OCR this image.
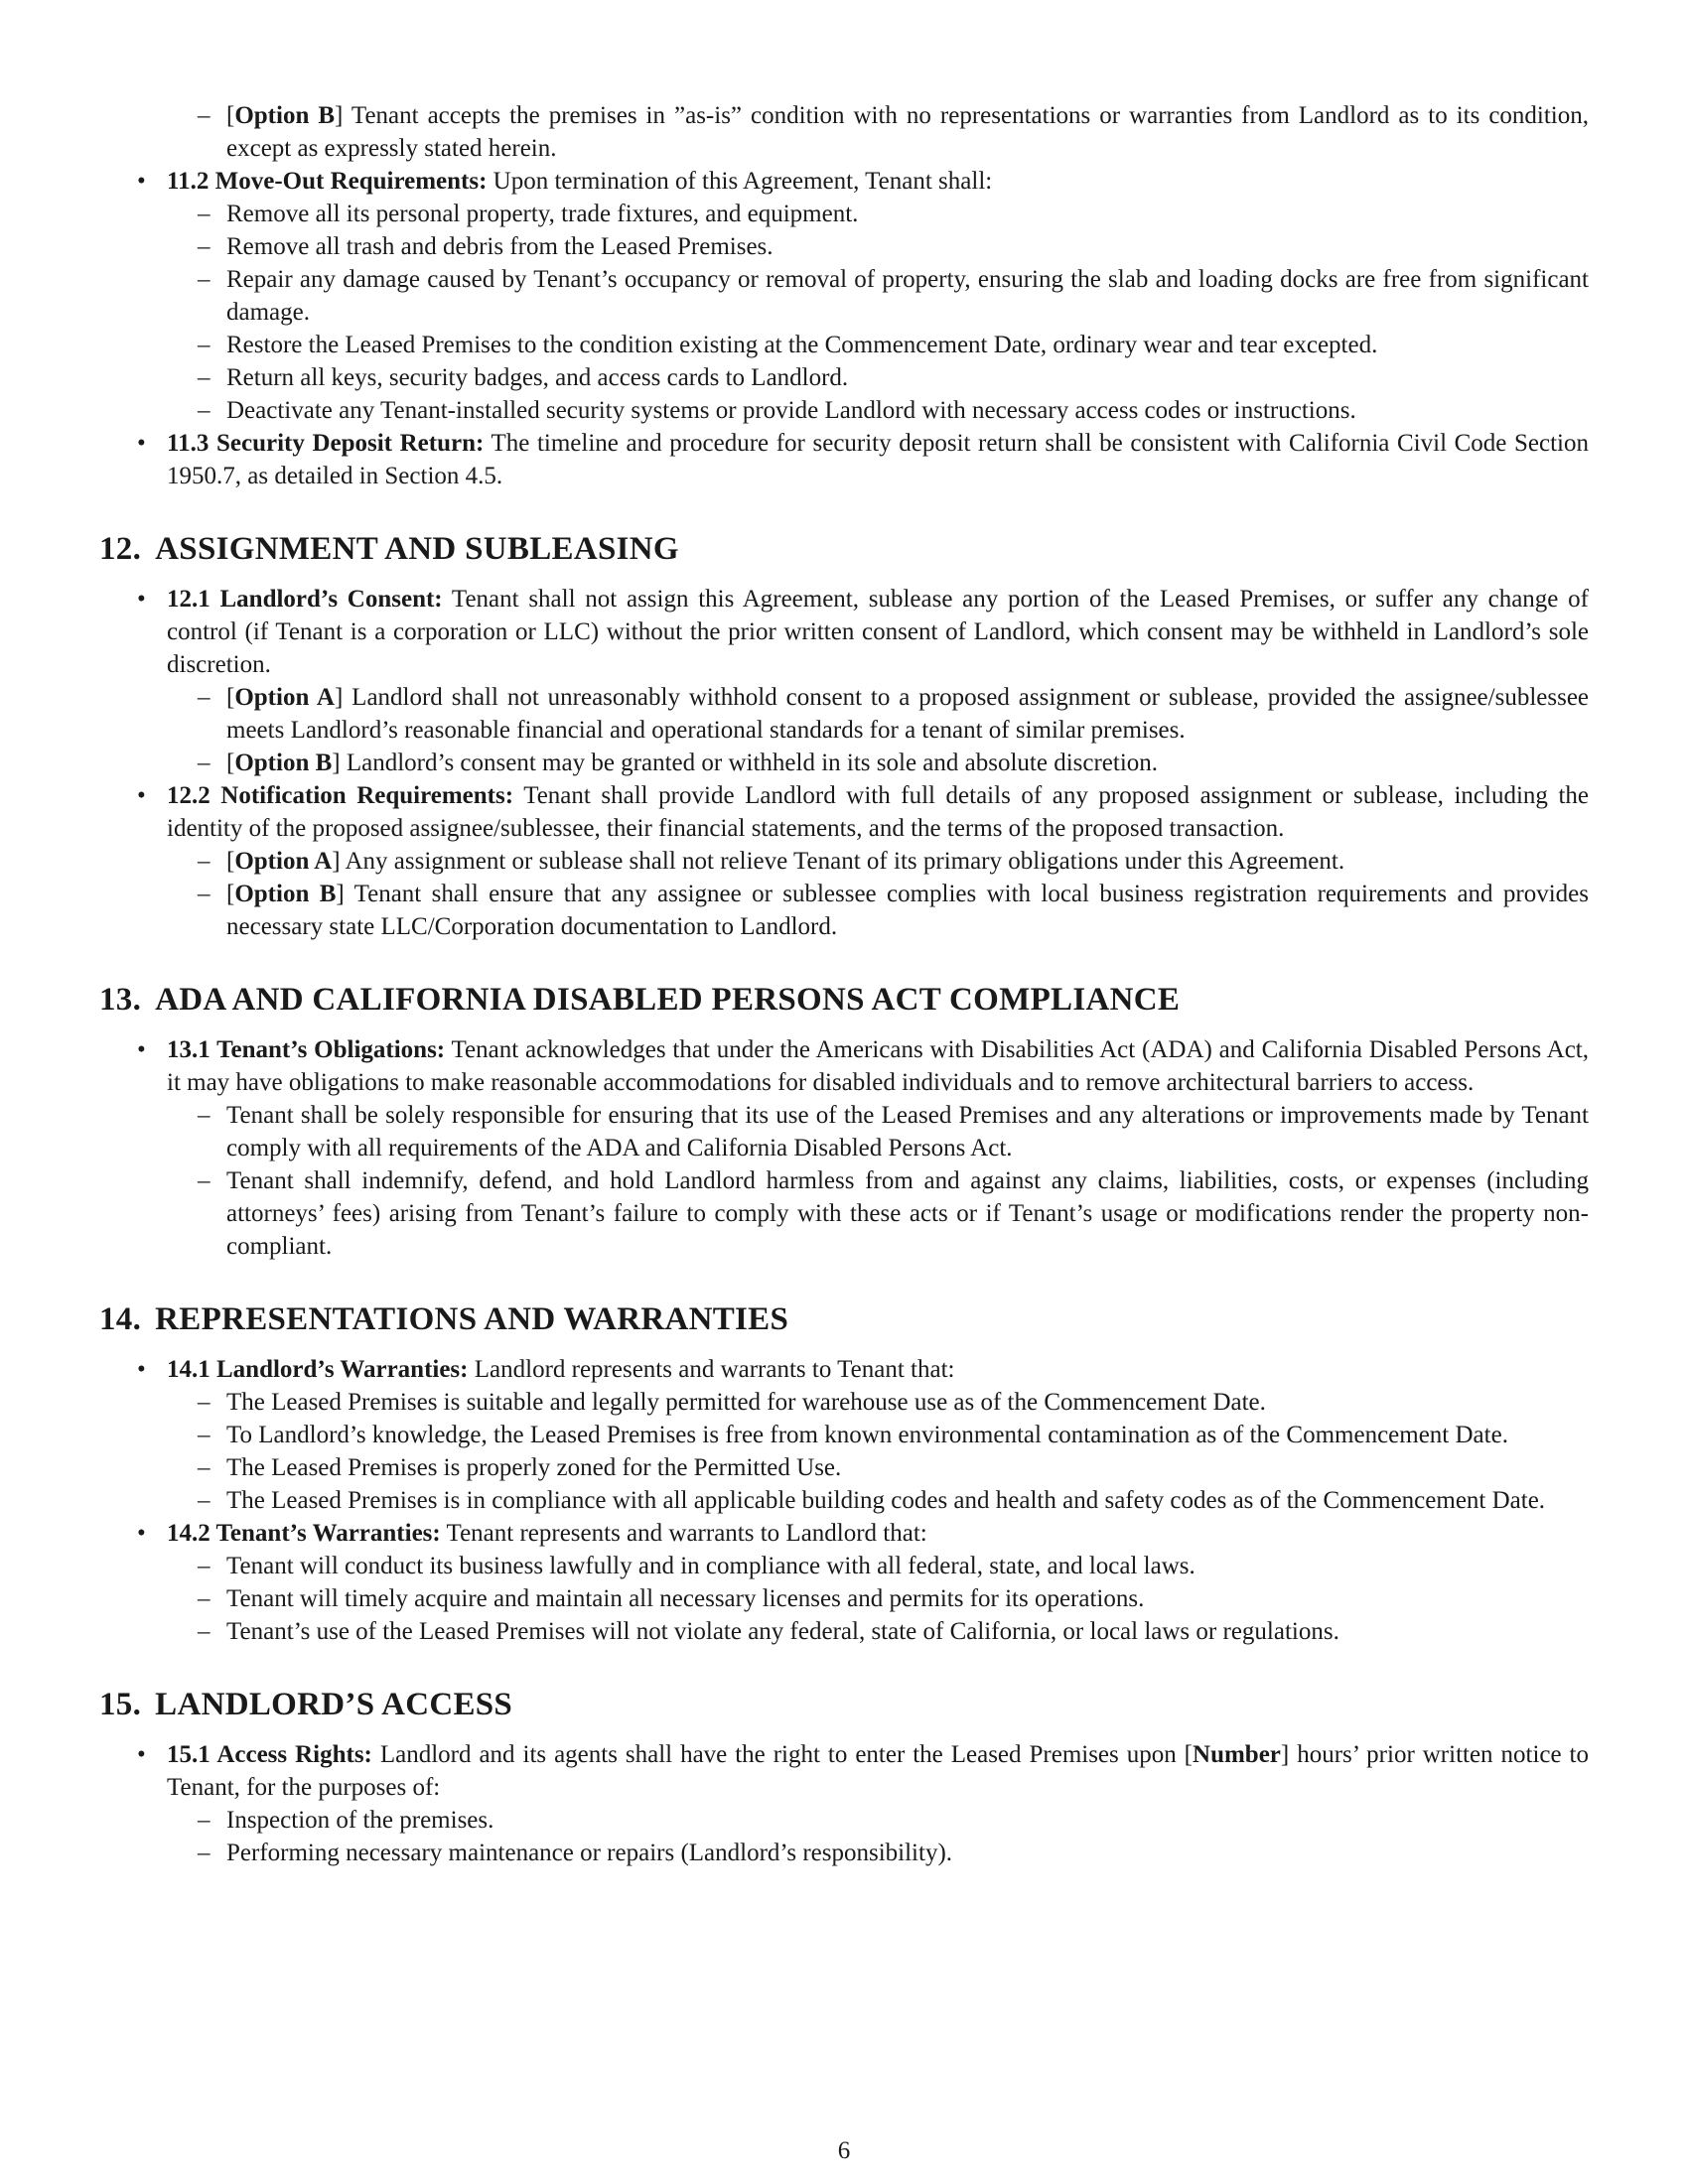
– [Option B] Tenant accepts the premises in ”as-is” condition with no representations or warranties from Landlord as to its condition, except as expressly stated herein.
• 11.2 Move-Out Requirements: Upon termination of this Agreement, Tenant shall:
– Remove all its personal property, trade fixtures, and equipment.
– Remove all trash and debris from the Leased Premises.
– Repair any damage caused by Tenant’s occupancy or removal of property, ensuring the slab and loading docks are free from significant damage.
– Restore the Leased Premises to the condition existing at the Commencement Date, ordinary wear and tear excepted.
– Return all keys, security badges, and access cards to Landlord.
– Deactivate any Tenant-installed security systems or provide Landlord with necessary access codes or instructions.
• 11.3 Security Deposit Return: The timeline and procedure for security deposit return shall be consistent with California Civil Code Section 1950.7, as detailed in Section 4.5.
12. ASSIGNMENT AND SUBLEASING
• 12.1 Landlord’s Consent: Tenant shall not assign this Agreement, sublease any portion of the Leased Premises, or suffer any change of control (if Tenant is a corporation or LLC) without the prior written consent of Landlord, which consent may be withheld in Landlord’s sole discretion.
– [Option A] Landlord shall not unreasonably withhold consent to a proposed assignment or sublease, provided the assignee/sublessee meets Landlord’s reasonable financial and operational standards for a tenant of similar premises.
– [Option B] Landlord’s consent may be granted or withheld in its sole and absolute discretion.
• 12.2 Notification Requirements: Tenant shall provide Landlord with full details of any proposed assignment or sublease, including the identity of the proposed assignee/sublessee, their financial statements, and the terms of the proposed transaction.
– [Option A] Any assignment or sublease shall not relieve Tenant of its primary obligations under this Agreement.
– [Option B] Tenant shall ensure that any assignee or sublessee complies with local business registration requirements and provides necessary state LLC/Corporation documentation to Landlord.
13. ADA AND CALIFORNIA DISABLED PERSONS ACT COMPLIANCE
• 13.1 Tenant’s Obligations: Tenant acknowledges that under the Americans with Disabilities Act (ADA) and California Disabled Persons Act, it may have obligations to make reasonable accommodations for disabled individuals and to remove architectural barriers to access.
– Tenant shall be solely responsible for ensuring that its use of the Leased Premises and any alterations or improvements made by Tenant comply with all requirements of the ADA and California Disabled Persons Act.
– Tenant shall indemnify, defend, and hold Landlord harmless from and against any claims, liabilities, costs, or expenses (including attorneys’ fees) arising from Tenant’s failure to comply with these acts or if Tenant’s usage or modifications render the property non-compliant.
14. REPRESENTATIONS AND WARRANTIES
• 14.1 Landlord’s Warranties: Landlord represents and warrants to Tenant that:
– The Leased Premises is suitable and legally permitted for warehouse use as of the Commencement Date.
– To Landlord’s knowledge, the Leased Premises is free from known environmental contamination as of the Commencement Date.
– The Leased Premises is properly zoned for the Permitted Use.
– The Leased Premises is in compliance with all applicable building codes and health and safety codes as of the Commencement Date.
• 14.2 Tenant’s Warranties: Tenant represents and warrants to Landlord that:
– Tenant will conduct its business lawfully and in compliance with all federal, state, and local laws.
– Tenant will timely acquire and maintain all necessary licenses and permits for its operations.
– Tenant’s use of the Leased Premises will not violate any federal, state of California, or local laws or regulations.
15. LANDLORD’S ACCESS
• 15.1 Access Rights: Landlord and its agents shall have the right to enter the Leased Premises upon [Number] hours’ prior written notice to Tenant, for the purposes of:
– Inspection of the premises.
– Performing necessary maintenance or repairs (Landlord’s responsibility).
6
